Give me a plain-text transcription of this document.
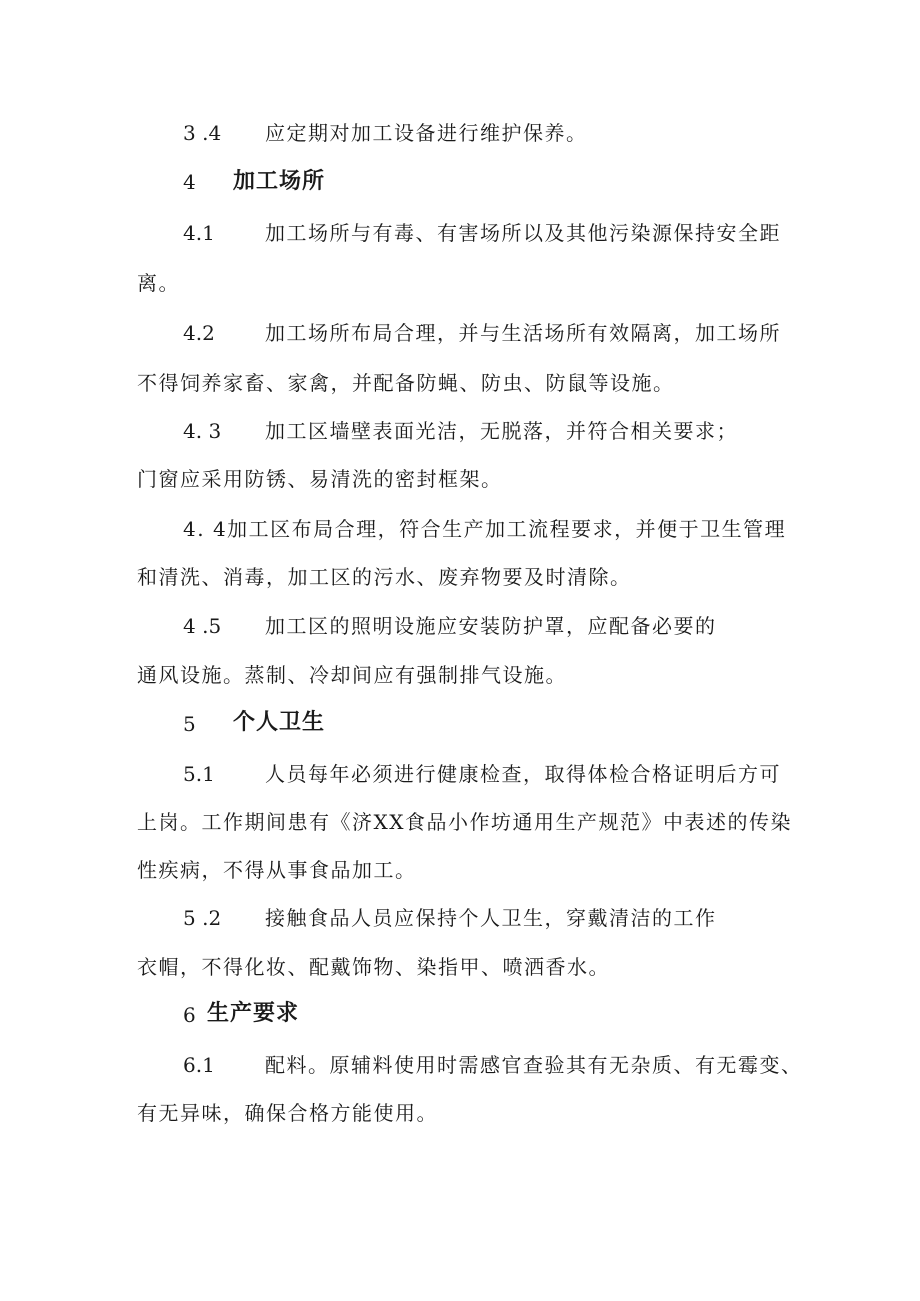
3 .4 应定期对加工设备进行维护保养。
4 加工场所
4.1	加工场所与有毒、有害场所以及其他污染源保持安全距
离。
4.2	加工场所布局合理，并与生活场所有效隔离，加工场所
不得饲养家畜、家禽，并配备防蝇、防虫、防鼠等设施。
4. 3 加工区墙壁表面光洁，无脱落，并符合相关要求；
门窗应采用防锈、易清洗的密封框架。
4. 4加工区布局合理，符合生产加工流程要求，并便于卫生管理
和清洗、消毒，加工区的污水、废弃物要及时清除。
4 .5 加工区的照明设施应安装防护罩，应配备必要的
通风设施。蒸制、冷却间应有强制排气设施。
5 个人卫生
5.1	人员每年必须进行健康检查，取得体检合格证明后方可
上岗。工作期间患有《济XX食品小作坊通用生产规范》中表述的传染
性疾病，不得从事食品加工。
5 .2 接触食品人员应保持个人卫生，穿戴清洁的工作
衣帽，不得化妆、配戴饰物、染指甲、喷洒香水。
6 生产要求
6.1	配料。原辅料使用时需感官查验其有无杂质、有无霉变、
有无异味，确保合格方能使用。
